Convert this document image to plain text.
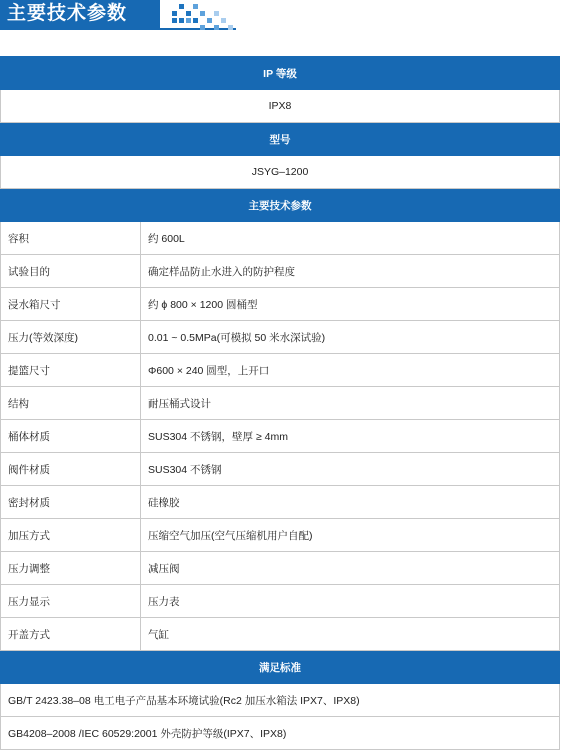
主要技术参数
IP 等级	
IPX8	
型号	
JSYG–1200	
主要技术参数	
容积	约 600L
试验目的	确定样品防止水进入的防护程度
浸水箱尺寸	约 ϕ 800 × 1200 圆桶型
压力(等效深度)	0.01 ~ 0.5MPa(可模拟 50 米水深试验)
提篮尺寸	Φ600 × 240 圆型，上开口
结构	耐压桶式设计
桶体材质	SUS304 不锈钢，壁厚 ≥ 4mm
阀件材质	SUS304 不锈钢
密封材质	硅橡胶
加压方式	压缩空气加压(空气压缩机用户自配)
压力调整	减压阀
压力显示	压力表
开盖方式	气缸
满足标准	
GB/T 2423.38–08 电工电子产品基本环境试验(Rc2 加压水箱法 IPX7、IPX8)	
GB4208–2008 /IEC 60529:2001 外壳防护等级(IPX7、IPX8)	
